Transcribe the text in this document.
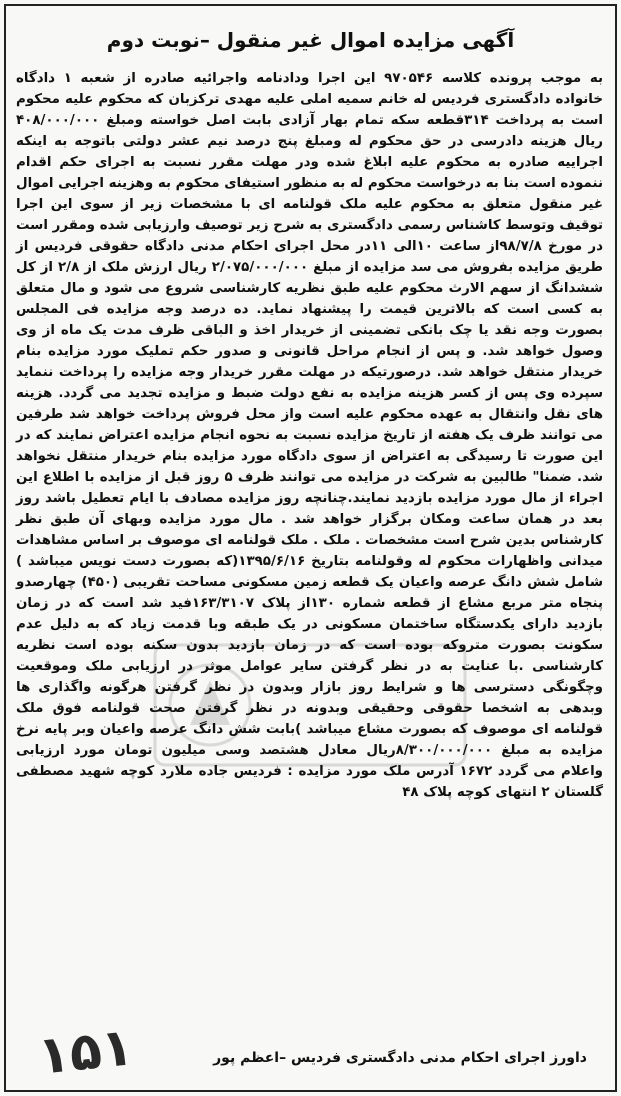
آگهی مزایده اموال غیر منقول –نوبت دوم

به موجب پرونده کلاسه ۹۷۰۵۴۶ این اجرا ودادنامه واجرائیه صادره از شعبه ۱ دادگاه خانواده دادگستری فردیس له خانم سمیه املی علیه مهدی ترکزبان که محکوم علیه محکوم است به پرداخت ۳۱۴قطعه سکه تمام بهار آزادی بابت اصل خواسته ومبلغ ۴۰۸/۰۰۰/۰۰۰ ریال هزینه دادرسی در حق محکوم له ومبلغ پنج درصد نیم عشر دولتی باتوجه به اینکه اجراییه صادره به محکوم علیه ابلاغ شده ودر مهلت مقرر نسبت به اجرای حکم اقدام ننموده است بنا به درخواست محکوم له به منظور استیفای محکوم به وهزینه اجرایی اموال غیر منقول متعلق به محکوم علیه ملک قولنامه ای با مشخصات زیر از سوی این اجرا توقیف وتوسط کاشناس رسمی دادگستری به شرح زیر توصیف وارزیابی شده ومقرر است در مورخ ۹۸/۷/۸از ساعت ۱۰الی ۱۱در محل اجرای احکام مدنی دادگاه حقوقی فردیس از طریق مزایده بفروش می سد مزایده از مبلغ ۲/۰۷۵/۰۰۰/۰۰۰ ریال ارزش ملک از ۲/۸ از کل ششدانگ از سهم الارث محکوم علیه طبق نظریه کارشناسی شروع می شود و مال متعلق به کسی است که بالاترین قیمت را پیشنهاد نماید. ده درصد وجه مزایده فی المجلس بصورت وجه نقد یا چک بانکی تضمینی از خریدار اخذ و الباقی ظرف مدت یک ماه از وی وصول خواهد شد. و پس از انجام مراحل قانونی و صدور حکم تملیک مورد مزایده بنام خریدار منتقل خواهد شد. درصورتیکه در مهلت مقرر خریدار وجه مزایده را پرداخت ننماید سپرده وی پس از کسر هزینه مزایده به نفع دولت ضبط و مزایده تجدید می گردد. هزینه های نقل وانتقال به عهده محکوم علیه است واز محل فروش پرداخت خواهد شد طرفین می توانند ظرف یک هفته از تاریخ مزایده نسبت به نحوه انجام مزایده اعتراض نمایند که در این صورت تا رسیدگی به اعتراض از سوی دادگاه مورد مزایده بنام خریدار منتقل نخواهد شد. ضمنا" طالبین به شرکت در مزایده می توانند ظرف ۵ روز قبل از مزایده با اطلاع این اجراء از مال مورد مزایده بازدید نمایند.چنانچه روز مزایده مصادف با ایام تعطیل باشد روز بعد در همان ساعت ومکان برگزار خواهد شد . مال مورد مزایده وبهای آن طبق نظر کارشناس بدین شرح است مشخصات . ملک . ملک قولنامه ای موصوف بر اساس مشاهدات میدانی واظهارات محکوم له وقولنامه بتاریخ ۱۳۹۵/۶/۱۶(که بصورت دست نویس میباشد ) شامل شش دانگ عرصه واعیان یک قطعه زمین مسکونی مساحت تقریبی (۴۵۰) چهارصدو پنجاه متر مربع مشاع از قطعه شماره ۱۳۰از پلاک ۱۶۳/۳۱۰۷فید شد است که در زمان بازدید دارای یکدستگاه ساختمان مسکونی در یک طبقه وبا قدمت زیاد که به دلیل عدم سکونت بصورت متروکه بوده است که در زمان بازدید بدون سکنه بوده است نظریه کارشناسی .با عنایت به در نظر گرفتن سایر عوامل موثر در ارزیابی ملک وموقعیت وچگونگی دسترسی ها و شرایط روز بازار وبدون در نظر گرفتن هرگونه واگذاری ها وبدهی به اشخصا حقوقی وحقیقی وبدونه در نظر گرفتن صحت قولنامه فوق ملک قولنامه ای موصوف که بصورت مشاع میباشد )بابت شش دانگ عرصه واعیان وبر پایه نرخ مزایده به مبلغ ۸/۳۰۰/۰۰۰/۰۰۰ریال معادل هشتصد وسی میلیون تومان مورد ارزیابی واعلام می گردد ۱۶۷۲ آدرس ملک مورد مزایده : فردیس جاده ملارد کوچه شهید مصطفی گلستان ۲ انتهای کوچه پلاک ۴۸

داورز اجرای احکام مدنی دادگستری فردیس –اعظم پور
۱۵۱
